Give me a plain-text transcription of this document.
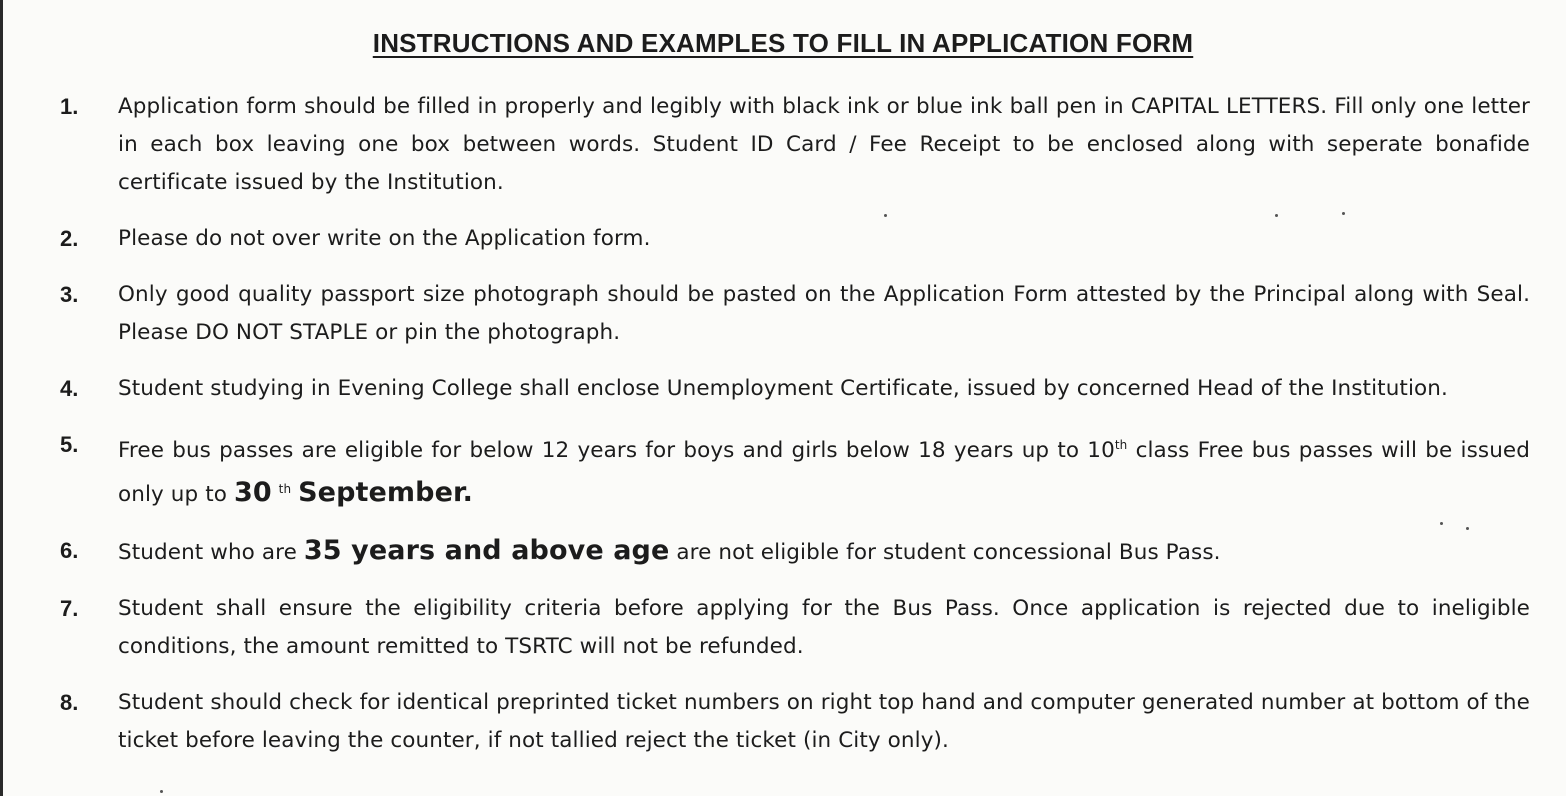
INSTRUCTIONS AND EXAMPLES TO FILL IN APPLICATION FORM
1.	Application form should be filled in properly and legibly with black ink or blue ink ball pen in CAPITAL LETTERS. Fill only one letter in each box leaving one box between words. Student ID Card / Fee Receipt to be enclosed along with seperate bonafide certificate issued by the Institution.
2.	Please do not over write on the Application form.
3.	Only good quality passport size photograph should be pasted on the Application Form attested by the Principal along with Seal. Please DO NOT STAPLE or pin the photograph.
4.	Student studying in Evening College shall enclose Unemployment Certificate, issued by concerned Head of the Institution.
5.	Free bus passes are eligible for below 12 years for boys and girls below 18 years up to 10th class Free bus passes will be issued only up to 30 $^{th}$ September.
6.	Student who are 35 years and above age are not eligible for student concessional Bus Pass.
7.	Student shall ensure the eligibility criteria before applying for the Bus Pass. Once application is rejected due to ineligible conditions, the amount remitted to TSRTC will not be refunded.
8.	Student should check for identical preprinted ticket numbers on right top hand and computer generated number at bottom of the ticket before leaving the counter, if not tallied reject the ticket (in City only).
